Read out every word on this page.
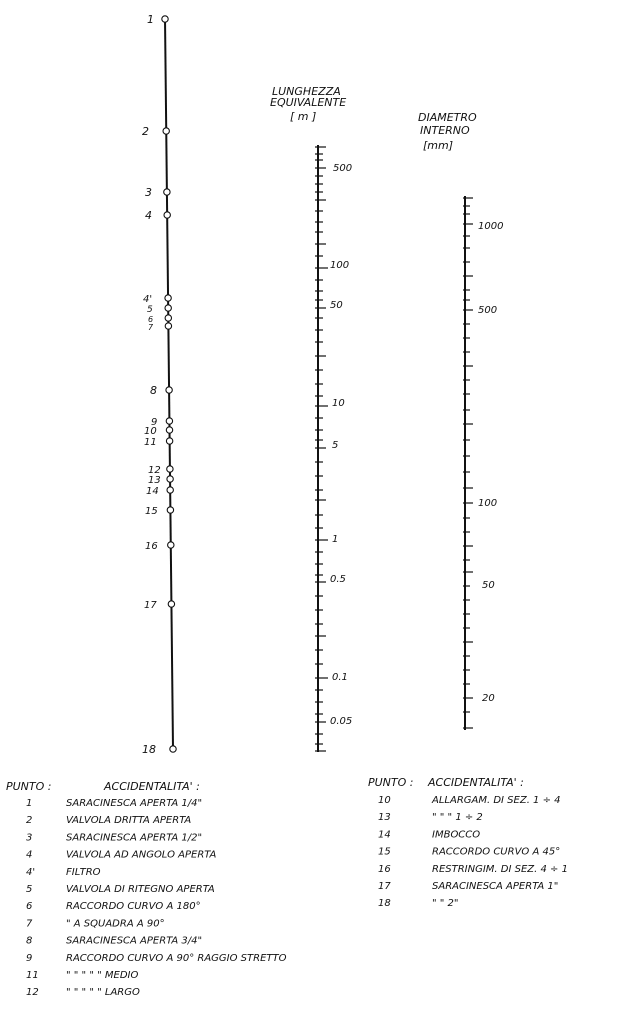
1
2
3
4
4'
5
6
7
8
9
10
11
12
13
14
15
16
17
18
LUNGHEZZA
EQUIVALENTE
[ m ]
500
100
50
10
5
1
0.5
0.1
0.05
DIAMETRO
INTERNO
[mm]
1000
500
100
50
20
PUNTO :	ACCIDENTALITA' :
1	SARACINESCA APERTA 1/4"
2	VALVOLA DRITTA APERTA
3	SARACINESCA APERTA 1/2"
4	VALVOLA AD ANGOLO APERTA
4'	FILTRO
5	VALVOLA DI RITEGNO APERTA
6	RACCORDO CURVO A 180°
7	" A SQUADRA A 90°
8	SARACINESCA APERTA 3/4"
9	RACCORDO CURVO A 90° RAGGIO STRETTO
11	" " " " " MEDIO
12	" " " " " LARGO
PUNTO : ACCIDENTALITA' :
10	ALLARGAM. DI SEZ. 1 ÷ 4
13	" " " 1 ÷ 2
14	IMBOCCO
15	RACCORDO CURVO A 45°
16	RESTRINGIM. DI SEZ. 4 ÷ 1
17	SARACINESCA APERTA 1"
18	" " 2"
